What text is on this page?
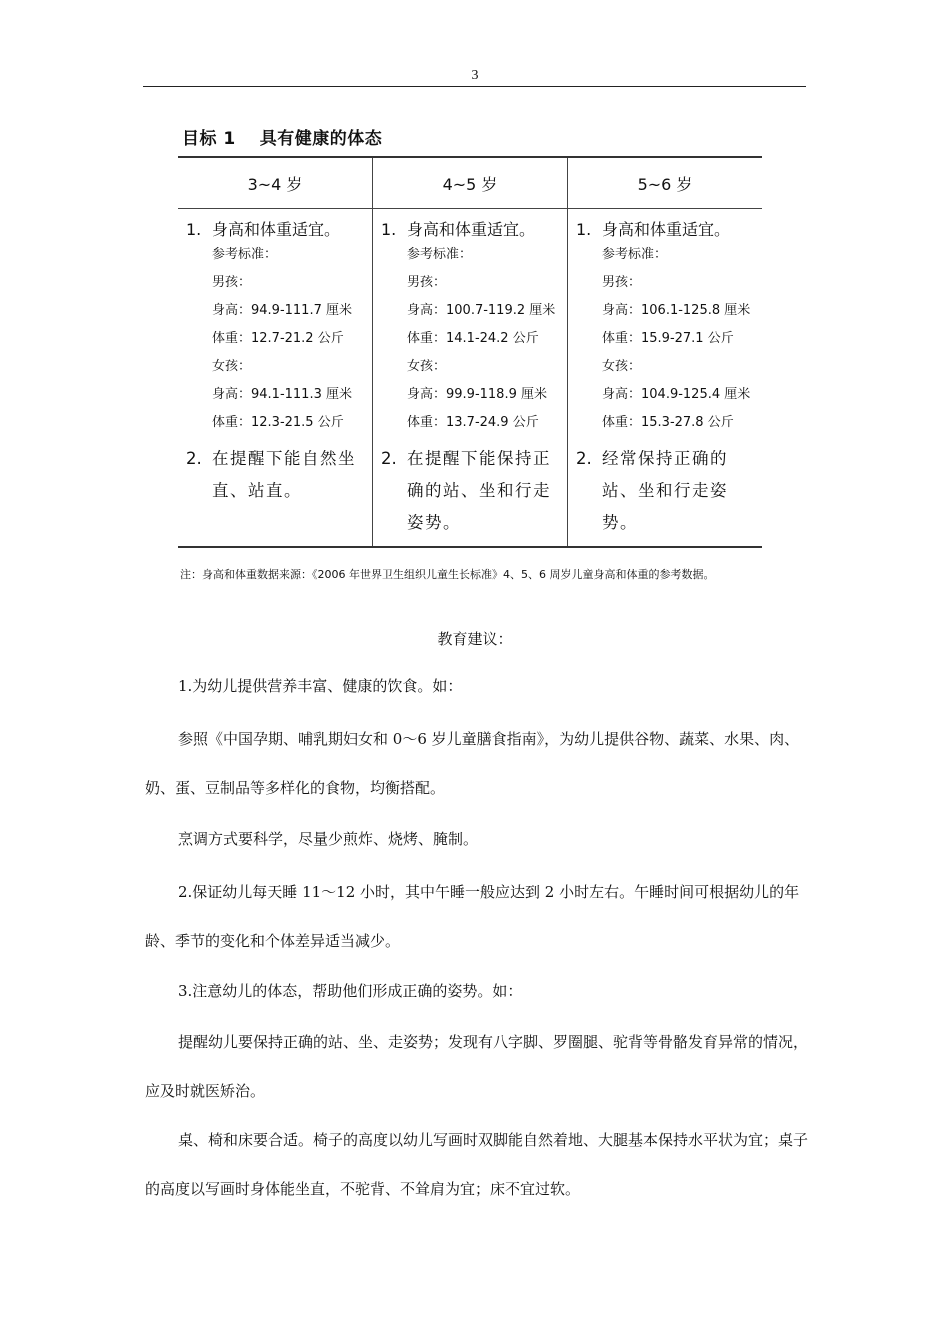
3
目标 1 具有健康的体态
3~4 岁
1. 身高和体重适宜。
参考标准：
男孩：
身高：94.9-111.7 厘米
体重：12.7-21.2 公斤
女孩：
身高：94.1-111.3 厘米
体重：12.3-21.5 公斤
2. 在提醒下能自然坐直、站直。
4~5 岁
1. 身高和体重适宜。
参考标准：
男孩：
身高：100.7-119.2 厘米
体重：14.1-24.2 公斤
女孩：
身高：99.9-118.9 厘米
体重：13.7-24.9 公斤
2. 在提醒下能保持正确的站、坐和行走姿势。
5~6 岁
1. 身高和体重适宜。
参考标准：
男孩：
身高：106.1-125.8 厘米
体重：15.9-27.1 公斤
女孩：
身高：104.9-125.4 厘米
体重：15.3-27.8 公斤
2. 经常保持正确的站、坐和行走姿势。
注：身高和体重数据来源：《2006 年世界卫生组织儿童生长标准》4、5、6 周岁儿童身高和体重的参考数据。
教育建议：

1.为幼儿提供营养丰富、健康的饮食。如：

参照《中国孕期、哺乳期妇女和 0～6 岁儿童膳食指南》，为幼儿提供谷物、蔬菜、水果、肉、奶、蛋、豆制品等多样化的食物，均衡搭配。

烹调方式要科学，尽量少煎炸、烧烤、腌制。

2.保证幼儿每天睡 11～12 小时，其中午睡一般应达到 2 小时左右。午睡时间可根据幼儿的年龄、季节的变化和个体差异适当减少。

3.注意幼儿的体态，帮助他们形成正确的姿势。如：

提醒幼儿要保持正确的站、坐、走姿势；发现有八字脚、罗圈腿、驼背等骨骼发育异常的情况，应及时就医矫治。

桌、椅和床要合适。椅子的高度以幼儿写画时双脚能自然着地、大腿基本保持水平状为宜；桌子的高度以写画时身体能坐直，不驼背、不耸肩为宜；床不宜过软。
